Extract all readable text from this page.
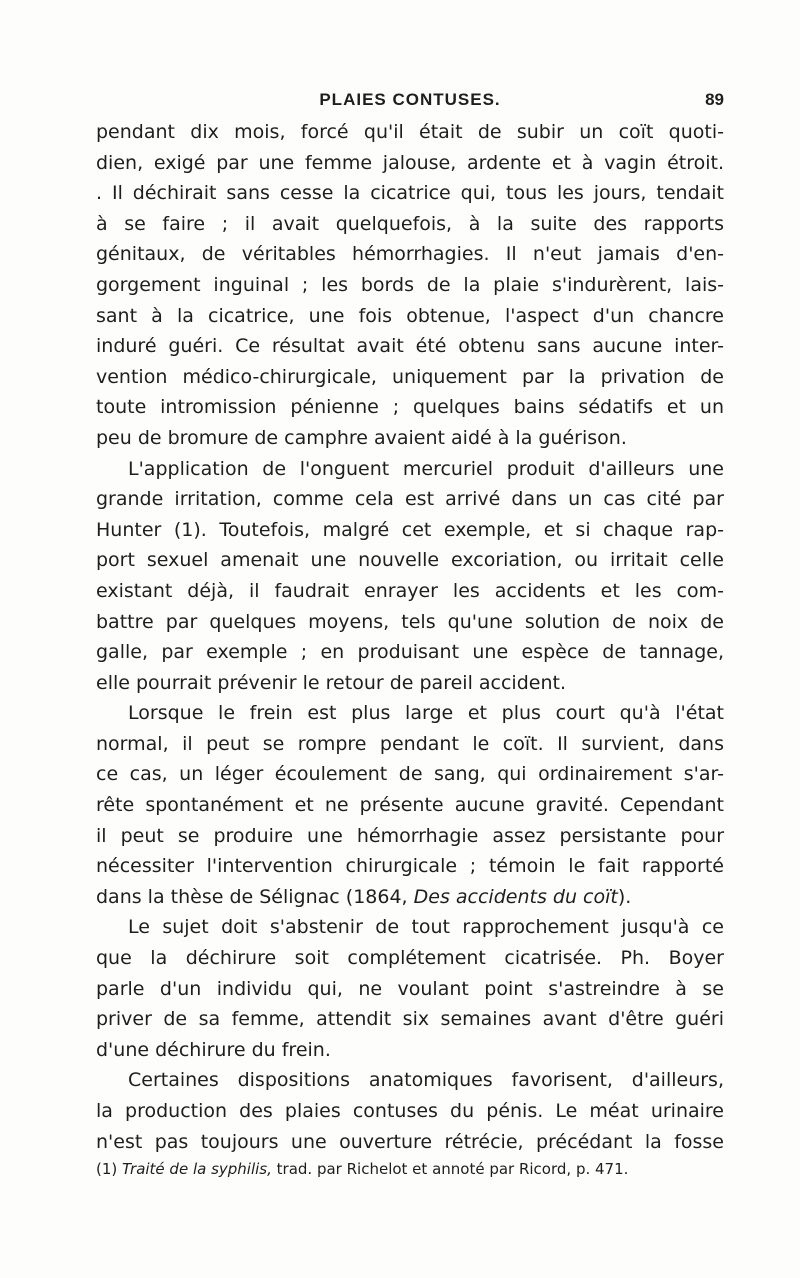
PLAIES CONTUSES.	89
pendant dix mois, forcé qu'il était de subir un coït quoti-
dien, exigé par une femme jalouse, ardente et à vagin étroit.
. Il déchirait sans cesse la cicatrice qui, tous les jours, tendait
à se faire ; il avait quelquefois, à la suite des rapports
génitaux, de véritables hémorrhagies. Il n'eut jamais d'en-
gorgement inguinal ; les bords de la plaie s'indurèrent, lais-
sant à la cicatrice, une fois obtenue, l'aspect d'un chancre
induré guéri. Ce résultat avait été obtenu sans aucune inter-
vention médico-chirurgicale, uniquement par la privation de
toute intromission pénienne ; quelques bains sédatifs et un
peu de bromure de camphre avaient aidé à la guérison.
L'application de l'onguent mercuriel produit d'ailleurs une
grande irritation, comme cela est arrivé dans un cas cité par
Hunter (1). Toutefois, malgré cet exemple, et si chaque rap-
port sexuel amenait une nouvelle excoriation, ou irritait celle
existant déjà, il faudrait enrayer les accidents et les com-
battre par quelques moyens, tels qu'une solution de noix de
galle, par exemple ; en produisant une espèce de tannage,
elle pourrait prévenir le retour de pareil accident.
Lorsque le frein est plus large et plus court qu'à l'état
normal, il peut se rompre pendant le coït. Il survient, dans
ce cas, un léger écoulement de sang, qui ordinairement s'ar-
rête spontanément et ne présente aucune gravité. Cependant
il peut se produire une hémorrhagie assez persistante pour
nécessiter l'intervention chirurgicale ; témoin le fait rapporté
dans la thèse de Sélignac (1864, Des accidents du coït).
Le sujet doit s'abstenir de tout rapprochement jusqu'à ce
que la déchirure soit complétement cicatrisée. Ph. Boyer
parle d'un individu qui, ne voulant point s'astreindre à se
priver de sa femme, attendit six semaines avant d'être guéri
d'une déchirure du frein.
Certaines dispositions anatomiques favorisent, d'ailleurs,
la production des plaies contuses du pénis. Le méat urinaire
n'est pas toujours une ouverture rétrécie, précédant la fosse
(1) Traité de la syphilis, trad. par Richelot et annoté par Ricord, p. 471.
